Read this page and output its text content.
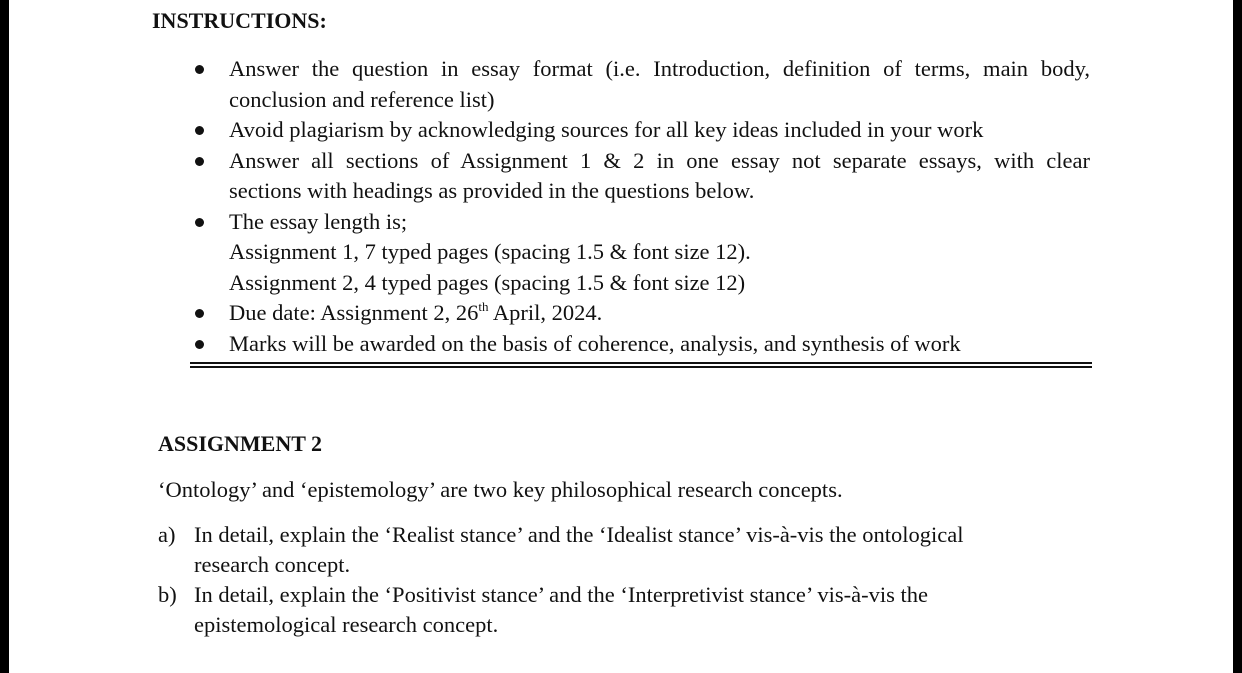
INSTRUCTIONS:
Answer the question in essay format (i.e. Introduction, definition of terms, main body,
conclusion and reference list)
Avoid plagiarism by acknowledging sources for all key ideas included in your work
Answer all sections of Assignment 1 & 2 in one essay not separate essays, with clear
sections with headings as provided in the questions below.
The essay length is;
Assignment 1, 7 typed pages (spacing 1.5 & font size 12).
Assignment 2, 4 typed pages (spacing 1.5 & font size 12)
Due date: Assignment 2, 26th April, 2024.
Marks will be awarded on the basis of coherence, analysis, and synthesis of work
ASSIGNMENT 2

‘Ontology’ and ‘epistemology’ are two key philosophical research concepts.

a) In detail, explain the ‘Realist stance’ and the ‘Idealist stance’ vis-à-vis the ontological
research concept.
b) In detail, explain the ‘Positivist stance’ and the ‘Interpretivist stance’ vis-à-vis the
epistemological research concept.
